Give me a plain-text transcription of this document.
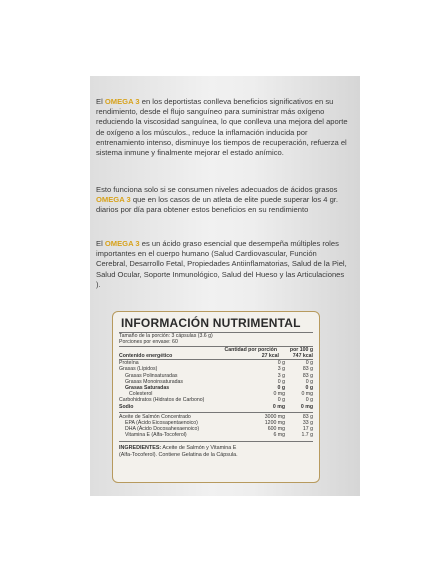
El OMEGA 3 en los deportistas conlleva beneficios significativos en su rendimiento, desde el flujo sanguíneo para suministrar más oxígeno reduciendo la viscosidad sanguínea, lo que conlleva una mejora del aporte de oxígeno a los músculos., reduce la inflamación inducida por entrenamiento intenso, disminuye los tiempos de recuperación, refuerza el sistema inmune y finalmente mejorar el estado anímico.

Esto funciona solo si se consumen niveles adecuados de ácidos grasos OMEGA 3 que en los casos de un atleta de elite puede superar los 4 gr. diarios por día para obtener estos beneficios en su rendimiento

El OMEGA 3 es un ácido graso esencial que desempeña múltiples roles importantes en el cuerpo humano (Salud Cardiovascular, Función Cerebral, Desarrollo Fetal, Propiedades Antiinflamatorias, Salud de la Piel, Salud Ocular, Soporte Inmunológico, Salud del Hueso y las Articulaciones ).

INFORMACIÓN NUTRIMENTAL
Tamaño de la porción: 3 cápsulas (3.6 g)
Porciones por envase: 60
Cantidad por porción	por 100 g
Contenido energético	27 kcal	747 kcal
Proteína	0 g	0 g
Grasas (Lípidos)	3 g	83 g
Grasas Polinsaturadas	3 g	83 g
Grasas Monoinsaturadas	0 g	0 g
Grasas Saturadas	0 g	0 g
Colesterol	0 mg	0 mg
Carbohidratos (Hidratos de Carbono)	0 g	0 g
Sodio	0 mg	0 mg
Aceite de Salmón Concentrado	3000 mg	83 g
EPA (Ácido Eicosapentaenoico)	1200 mg	33 g
DHA (Ácido Docosahexaenoico)	600 mg	17 g
Vitamina E (Alfa-Tocoferol)	6 mg	1.7 g
INGREDIENTES: Aceite de Salmón y Vitamina E (Alfa-Tocoferol). Contiene Gelatina de la Cápsula.
